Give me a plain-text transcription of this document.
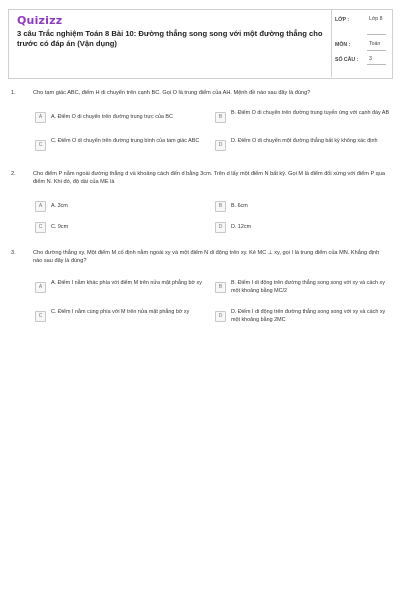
Quizizz
3 câu Trắc nghiệm Toán 8 Bài 10: Đường thẳng song song với một đường thẳng cho trước có đáp án (Vận dụng)
LỚP :	Lớp 8
MÔN :	Toán
SỐ CÂU : 3
1.	Cho tam giác ABC, điểm H di chuyển trên cạnh BC. Gọi O là trung điểm của AH. Mệnh đề nào sau đây là đúng?
A	A. Điểm O di chuyển trên đường trung trực của BC	B
B. Điểm O di chuyển trên đường trung tuyến ứng với cạnh đáy AB
C
C. Điểm O di chuyển trên đường trung bình của tam giác ABC
D
D. Điểm O di chuyển một đường thẳng bất kỳ không xác định
2.	Cho điểm P nằm ngoài đường thẳng d và khoảng cách đến d bằng 3cm. Trên d lấy một điểm N bất kỳ. Gọi M là điểm đối xứng với điểm P qua điểm N. Khi đó, độ dài của ME là
A	A. 3cm	B	B. 6cm
C	C. 9cm	D	D. 12cm
3.	Cho đường thẳng xy. Một điểm M cố định nằm ngoài xy và một điểm N di động trên xy. Kẻ MC ⊥ xy, gọi I là trung điểm của MN. Khẳng định nào sau đây là đúng?
A
A. Điểm I nằm khác phía với điểm M trên nửa mặt phẳng bờ xy
B
B. Điểm I di động trên đường thẳng song song với xy và cách xy một khoảng bằng MC/2
C
C. Điểm I nằm cùng phía với M trên nửa mặt phẳng bờ xy
D
D. Điểm I di động trên đường thẳng song song với xy và cách xy một khoảng bằng 2MC
